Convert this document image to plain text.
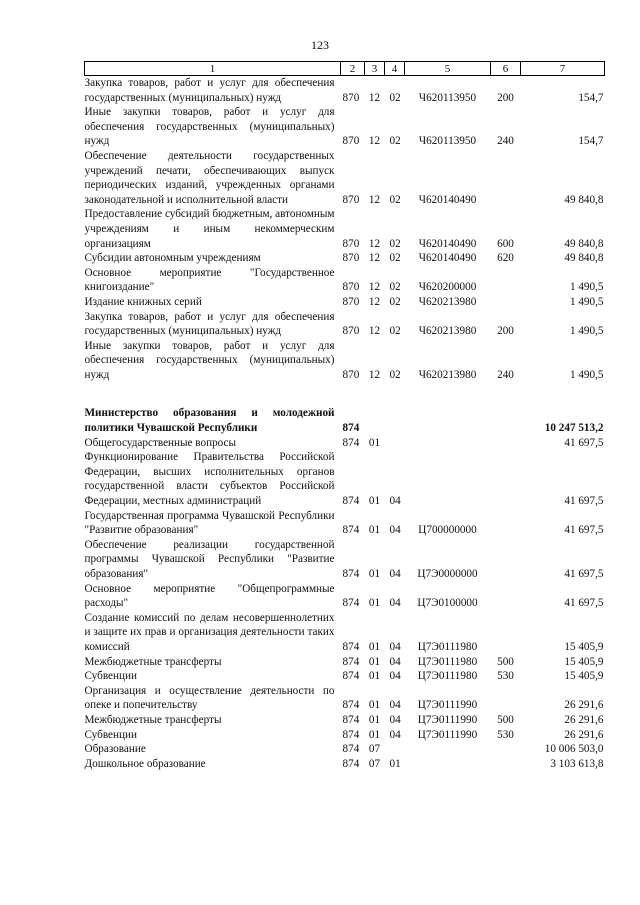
123
1	2	3	4	5	6	7
Закупка товаров, работ и услуг для обеспечения государственных (муниципальных) нужд	870	12	02	Ч620113950	200	154,7
Иные закупки товаров, работ и услуг для обеспечения государственных (муниципальных) нужд	870	12	02	Ч620113950	240	154,7
Обеспечение деятельности государственных учреждений печати, обеспечивающих выпуск периодических изданий, учрежденных органами законодательной и исполнительной власти	870	12	02	Ч620140490		49 840,8
Предоставление субсидий бюджетным, автономным учреждениям и иным некоммерческим организациям	870	12	02	Ч620140490	600	49 840,8
Субсидии автономным учреждениям	870	12	02	Ч620140490	620	49 840,8
Основное мероприятие "Государственное книгоиздание"	870	12	02	Ч620200000		1 490,5
Издание книжных серий	870	12	02	Ч620213980		1 490,5
Закупка товаров, работ и услуг для обеспечения государственных (муниципальных) нужд	870	12	02	Ч620213980	200	1 490,5
Иные закупки товаров, работ и услуг для обеспечения государственных (муниципальных) нужд	870	12	02	Ч620213980	240	1 490,5

Министерство образования и молодежной политики Чувашской Республики	874					10 247 513,2
Общегосударственные вопросы	874	01				41 697,5
Функционирование Правительства Российской Федерации, высших исполнительных органов государственной власти субъектов Российской Федерации, местных администраций	874	01	04			41 697,5
Государственная программа Чувашской Республики "Развитие образования"	874	01	04	Ц700000000		41 697,5
Обеспечение реализации государственной программы Чувашской Республики "Развитие образования"	874	01	04	Ц7Э0000000		41 697,5
Основное мероприятие "Общепрограммные расходы"	874	01	04	Ц7Э0100000		41 697,5
Создание комиссий по делам несовершеннолетних и защите их прав и организация деятельности таких комиссий	874	01	04	Ц7Э0111980		15 405,9
Межбюджетные трансферты	874	01	04	Ц7Э0111980	500	15 405,9
Субвенции	874	01	04	Ц7Э0111980	530	15 405,9
Организация и осуществление деятельности по опеке и попечительству	874	01	04	Ц7Э0111990		26 291,6
Межбюджетные трансферты	874	01	04	Ц7Э0111990	500	26 291,6
Субвенции	874	01	04	Ц7Э0111990	530	26 291,6
Образование	874	07				10 006 503,0
Дошкольное образование	874	07	01			3 103 613,8
